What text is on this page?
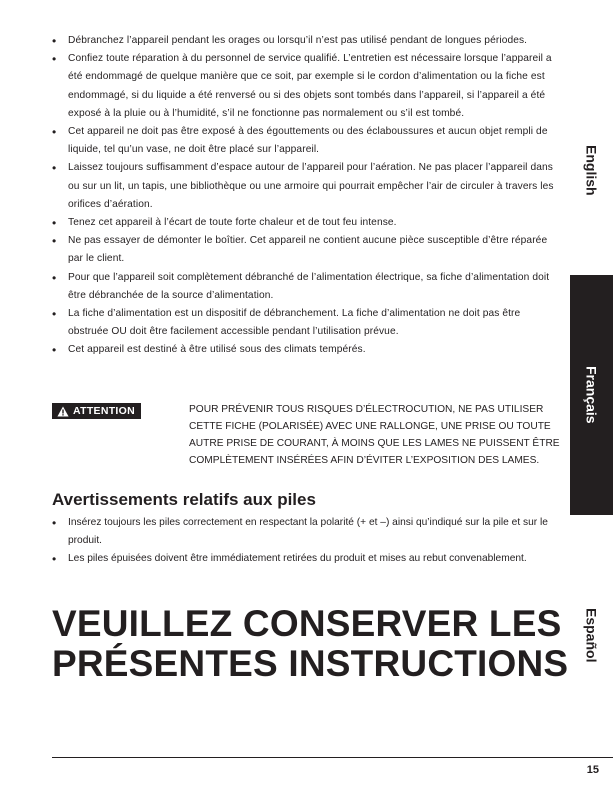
• Débranchez l’appareil pendant les orages ou lorsqu’il n’est pas utilisé pendant de longues périodes.
• Confiez toute réparation à du personnel de service qualifié. L’entretien est nécessaire lorsque l’appareil a été endommagé de quelque manière que ce soit, par exemple si le cordon d’alimentation ou la fiche est endommagé, si du liquide a été renversé ou si des objets sont tombés dans l’appareil, si l’appareil a été exposé à la pluie ou à l’humidité, s’il ne fonctionne pas normalement ou s’il est tombé.
• Cet appareil ne doit pas être exposé à des égouttements ou des éclaboussures et aucun objet rempli de liquide, tel qu’un vase, ne doit être placé sur l’appareil.
• Laissez toujours suffisamment d’espace autour de l’appareil pour l’aération. Ne pas placer l’appareil dans ou sur un lit, un tapis, une bibliothèque ou une armoire qui pourrait empêcher l’air de circuler à travers les orifices d’aération.
• Tenez cet appareil à l’écart de toute forte chaleur et de tout feu intense.
• Ne pas essayer de démonter le boîtier. Cet appareil ne contient aucune pièce susceptible d’être réparée par le client.
• Pour que l’appareil soit complètement débranché de l’alimentation électrique, sa fiche d’alimentation doit être débranchée de la source d’alimentation.
• La fiche d’alimentation est un dispositif de débranchement. La fiche d’alimentation ne doit pas être obstruée OU doit être facilement accessible pendant l’utilisation prévue.
• Cet appareil est destiné à être utilisé sous des climats tempérés.
ATTENTION	POUR PRÉVENIR TOUS RISQUES D’ÉLECTROCUTION, NE PAS UTILISER CETTE FICHE (POLARISÉE) AVEC UNE RALLONGE, UNE PRISE OU TOUTE AUTRE PRISE DE COURANT, À MOINS QUE LES LAMES NE PUISSENT ÊTRE COMPLÈTEMENT INSÉRÉES AFIN D’ÉVITER L’EXPOSITION DES LAMES.
Avertissements relatifs aux piles
• Insérez toujours les piles correctement en respectant la polarité (+ et –) ainsi qu’indiqué sur la pile et sur le produit.
• Les piles épuisées doivent être immédiatement retirées du produit et mises au rebut convenablement.
VEUILLEZ CONSERVER LES
PRÉSENTES INSTRUCTIONS
English
Français
Español
15
